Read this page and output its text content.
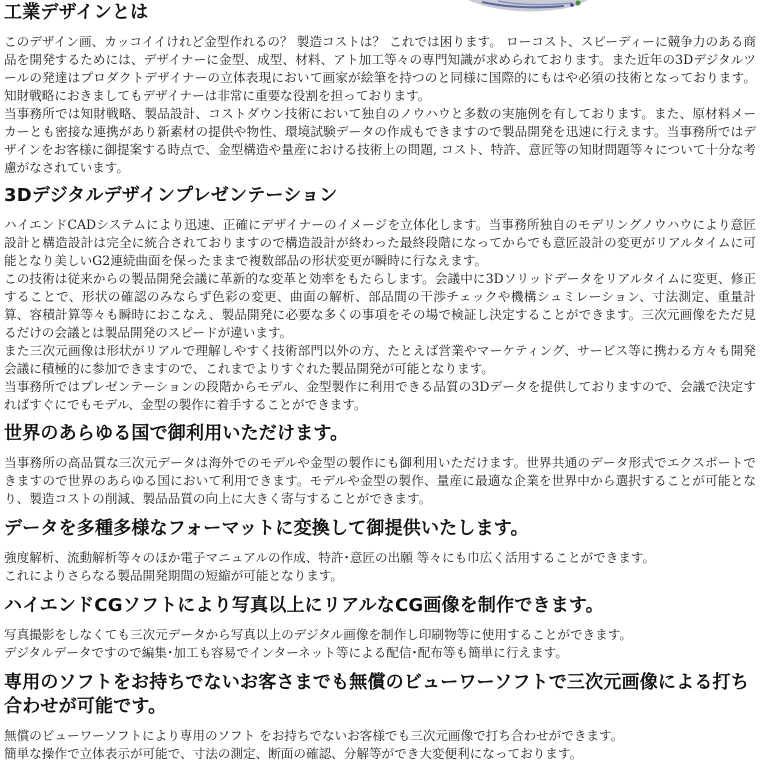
工業デザインとは

このデザイン画、カッコイイけれど金型作れるの？ 製造コストは？ これでは困ります。 ローコスト、スピーディーに競争力のある商品を開発するためには、デザイナーに金型、成型、材料、アト加工等々の専門知識が求められております。また近年の3Dデジタルツールの発達はプロダクトデザイナーの立体表現において画家が絵筆を持つのと同様に国際的にもはや必須の技術となっております。 知財戦略におきましてもデザイナーは非常に重要な役割を担っております。

当事務所では知財戦略、製品設計、コストダウン技術において独自のノウハウと多数の実施例を有しております。また、原材料メーカーとも密接な連携があり新素材の提供や物性、環境試験データの作成もできますので製品開発を迅速に行えます。当事務所ではデザインをお客様に御提案する時点で、金型構造や量産における技術上の問題, コスト、特許、意匠等の知財問題等々について十分な考慮がなされています。

3Dデジタルデザインプレゼンテーション

ハイエンドCADシステムにより迅速、正確にデザイナーのイメージを立体化します。当事務所独自のモデリングノウハウにより意匠設計と構造設計は完全に統合されておりますので構造設計が終わった最終段階になってからでも意匠設計の変更がリアルタイムに可能となり美しいG2連続曲面を保ったままで複数部品の形状変更が瞬時に行なえます。

この技術は従来からの製品開発会議に革新的な変革と効率をもたらします。会議中に3Dソリッドデータをリアルタイムに変更、修正することで、形状の確認のみならず色彩の変更、曲面の解析、部品間の干渉チェックや機構シュミレーション、寸法測定、重量計算、容積計算等々も瞬時におこなえ、製品開発に必要な多くの事項をその場で検証し決定することができます。三次元画像をただ見るだけの会議とは製品開発のスピードが違います。

また三次元画像は形状がリアルで理解しやすく技術部門以外の方、たとえば営業やマーケティング、サービス等に携わる方々も開発会議に積極的に参加できますので、これまでよりすぐれた製品開発が可能となります。

当事務所ではプレゼンテーションの段階からモデル、金型製作に利用できる品質の3Dデータを提供しておりますので、会議で決定すればすぐにでもモデル、金型の製作に着手することができます。

世界のあらゆる国で御利用いただけます。

当事務所の高品質な三次元データは海外でのモデルや金型の製作にも御利用いただけます。世界共通のデータ形式でエクスポートできますので世界のあらゆる国において利用できます。モデルや金型の製作、量産に最適な企業を世界中から選択することが可能となり、製造コストの削減、製品品質の向上に大きく寄与することができます。

データを多種多様なフォーマットに変換して御提供いたします。

強度解析、流動解析等々のほか電子マニュアルの作成、特許･意匠の出願 等々にも巾広く活用することができます。

これによりさらなる製品開発期間の短縮が可能となります。

ハイエンドCGソフトにより写真以上にリアルなCG画像を制作できます。

写真撮影をしなくても三次元データから写真以上のデジタル画像を制作し印刷物等に使用することができます。

デジタルデータですので編集･加工も容易でインターネット等による配信･配布等も簡単に行えます。

専用のソフトをお持ちでないお客さまでも無償のビューワーソフトで三次元画像による打ち合わせが可能です。

無償のビューワーソフトにより専用のソフト をお持ちでないお客様でも三次元画像で打ち合わせができます。

簡単な操作で立体表示が可能で、寸法の測定、断面の確認、分解等ができ大変便利になっております。
